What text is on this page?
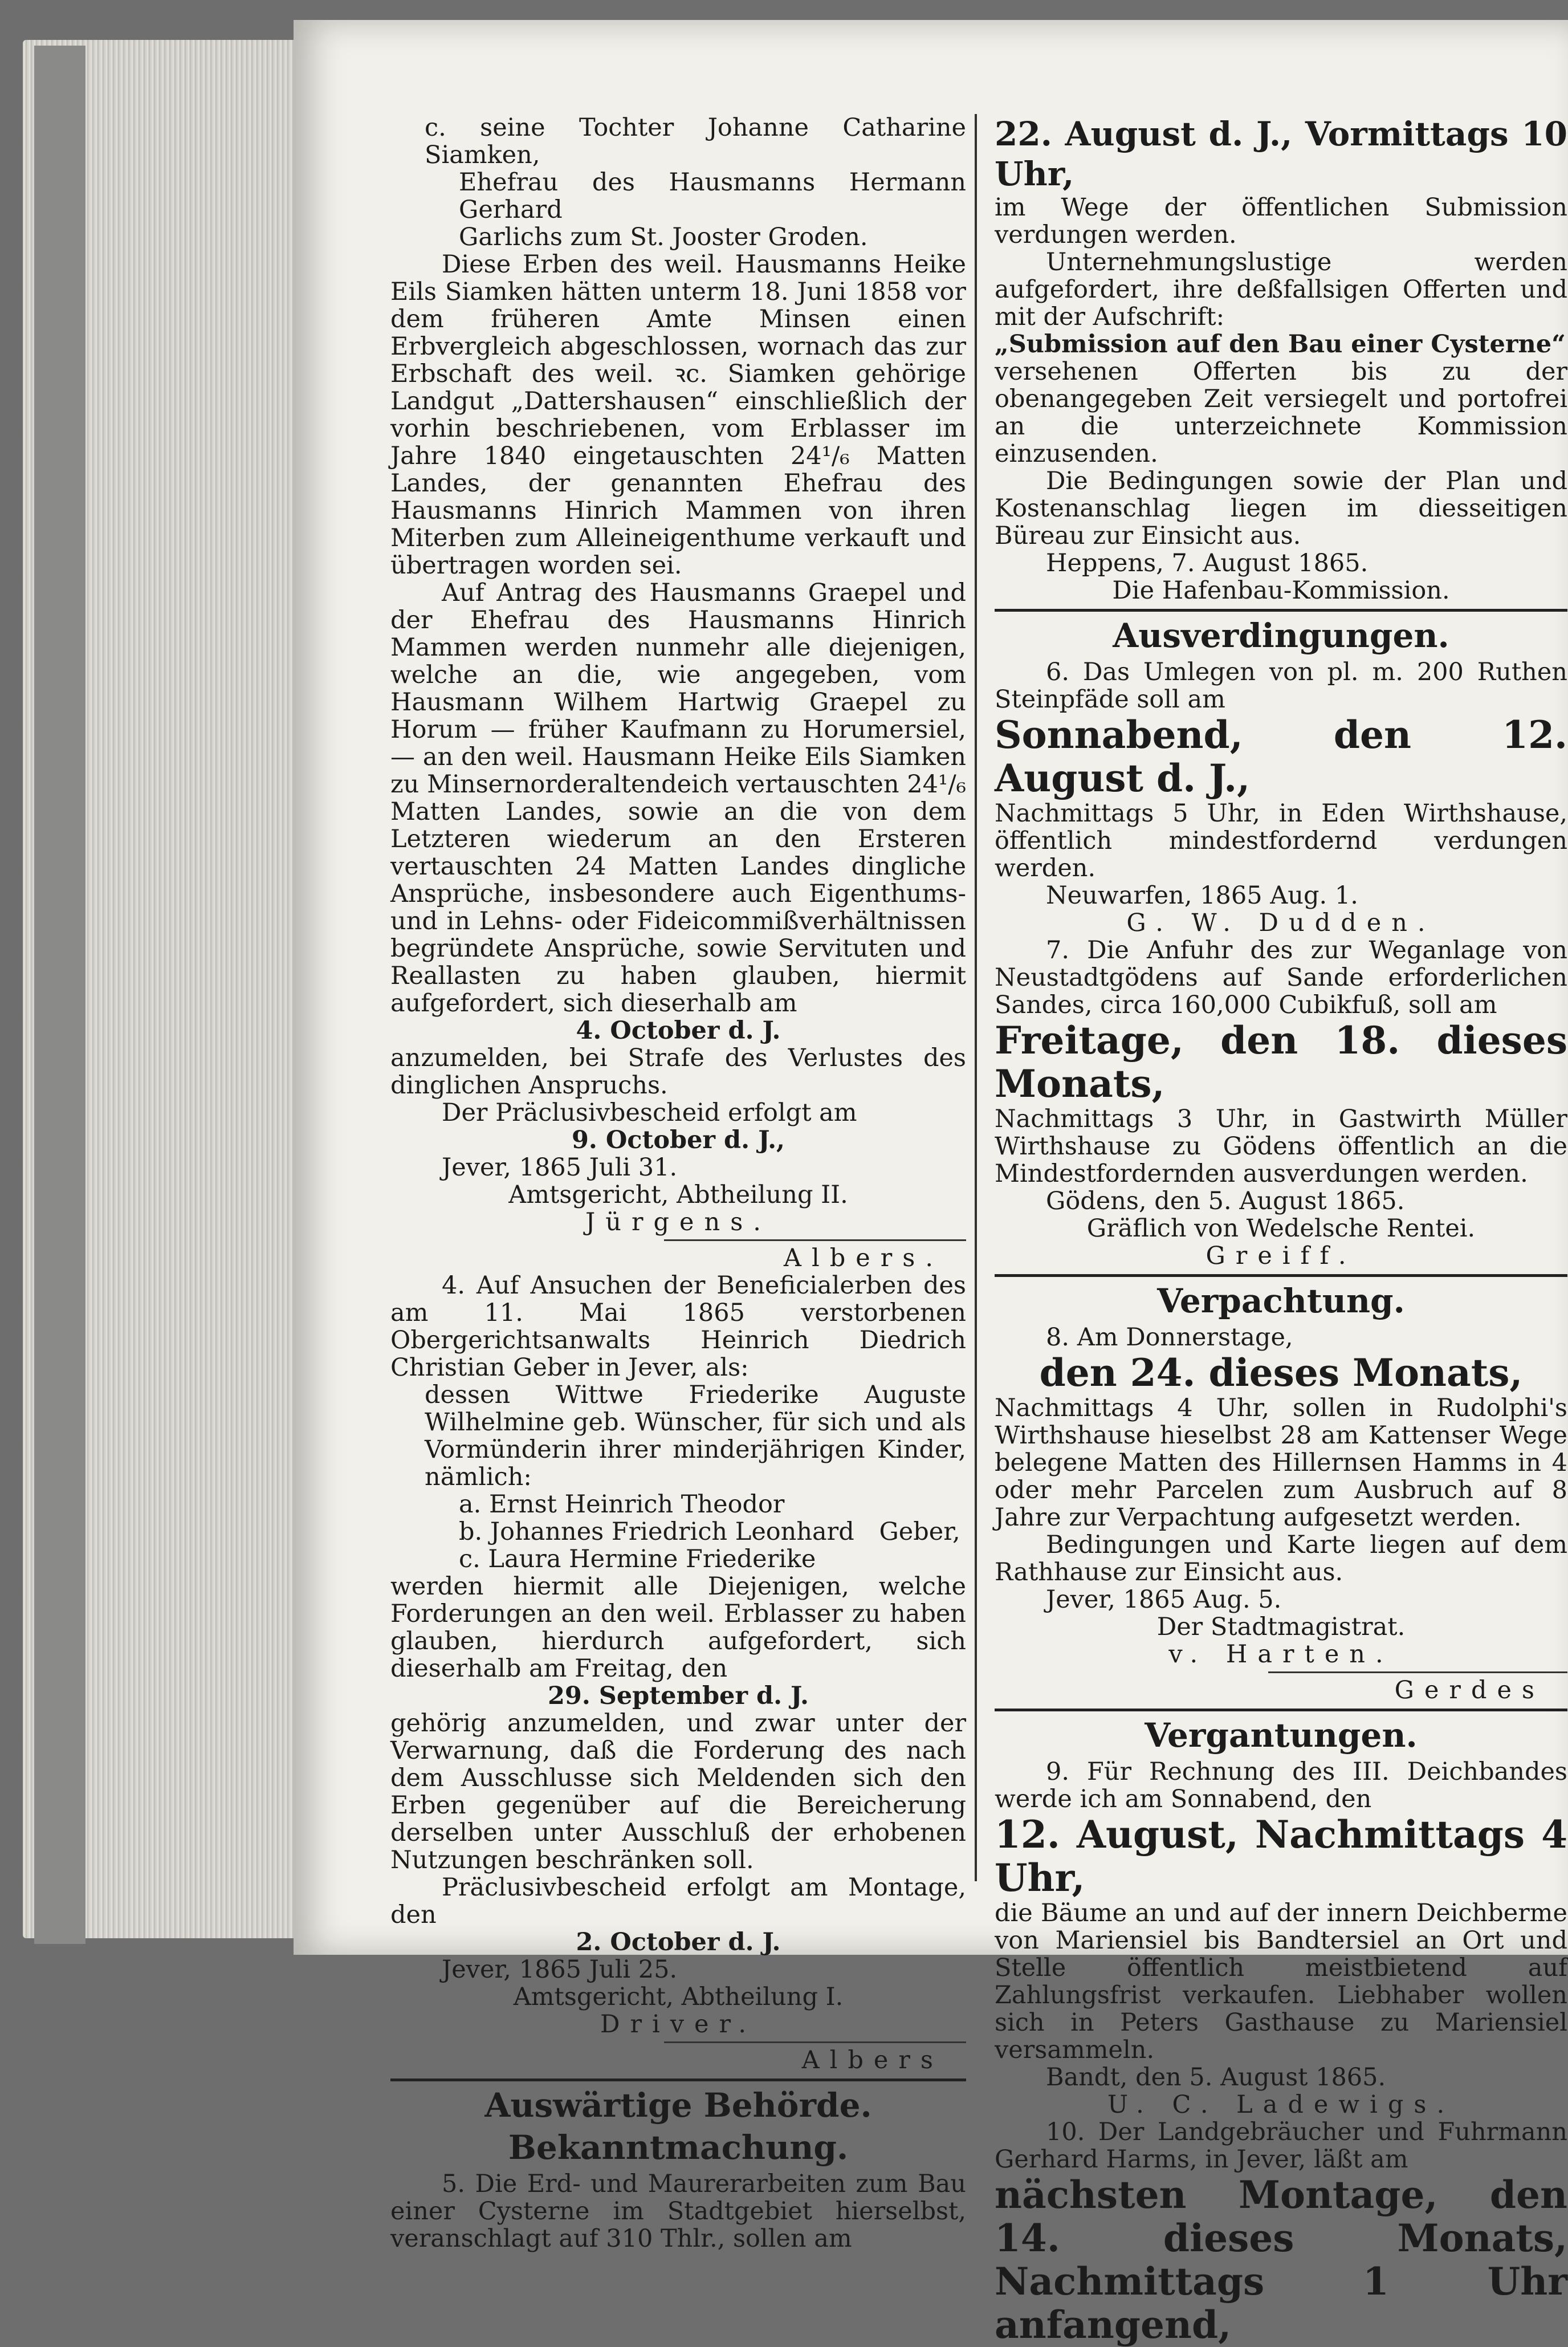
c. seine Tochter Johanne Catharine Siamken,

Ehefrau des Hausmanns Hermann Gerhard

Garlichs zum St. Jooster Groden.

Diese Erben des weil. Hausmanns Heike Eils Siamken hätten unterm 18. Juni 1858 vor dem früheren Amte Minsen einen Erbvergleich abgeschlossen, wornach das zur Erbschaft des weil. ꝛc. Siamken gehörige Landgut „Dattershausen“ einschließlich der vorhin beschriebenen, vom Erblasser im Jahre 1840 eingetauschten 24¹/₆ Matten Landes, der genannten Ehefrau des Hausmanns Hinrich Mammen von ihren Miterben zum Alleineigenthume verkauft und übertragen worden sei.

Auf Antrag des Hausmanns Graepel und der Ehefrau des Hausmanns Hinrich Mammen werden nunmehr alle diejenigen, welche an die, wie angegeben, vom Hausmann Wilhem Hartwig Graepel zu Horum — früher Kaufmann zu Horumersiel, — an den weil. Hausmann Heike Eils Siamken zu Minsernorderaltendeich vertauschten 24¹/₆ Matten Landes, sowie an die von dem Letzteren wiederum an den Ersteren vertauschten 24 Matten Landes dingliche Ansprüche, insbesondere auch Eigenthums- und in Lehns- oder Fideicommißverhältnissen begründete Ansprüche, sowie Servituten und Reallasten zu haben glauben, hiermit aufgefordert, sich dieserhalb am

4. October d. J.

anzumelden, bei Strafe des Verlustes des dinglichen Anspruchs.

Der Präclusivbescheid erfolgt am

9. October d. J.,

Jever, 1865 Juli 31.

Amtsgericht, Abtheilung II.

Jürgens.

Albers.

4. Auf Ansuchen der Beneficialerben des am 11. Mai 1865 verstorbenen Obergerichtsanwalts Heinrich Diedrich Christian Geber in Jever, als:

dessen Wittwe Friederike Auguste Wilhelmine geb. Wünscher, für sich und als Vormünderin ihrer minderjährigen Kinder, nämlich:

a. Ernst Heinrich Theodor

b. Johannes Friedrich Leonhard Geber,

c. Laura Hermine Friederike

werden hiermit alle Diejenigen, welche Forderungen an den weil. Erblasser zu haben glauben, hierdurch aufgefordert, sich dieserhalb am Freitag, den

29. September d. J.

gehörig anzumelden, und zwar unter der Verwarnung, daß die Forderung des nach dem Ausschlusse sich Meldenden sich den Erben gegenüber auf die Bereicherung derselben unter Ausschluß der erhobenen Nutzungen beschränken soll.

Präclusivbescheid erfolgt am Montage, den

2. October d. J.

Jever, 1865 Juli 25.

Amtsgericht, Abtheilung I.

Driver.

Albers

Auswärtige Behörde.

Bekanntmachung.

5. Die Erd- und Maurerarbeiten zum Bau einer Cysterne im Stadtgebiet hierselbst, veranschlagt auf 310 Thlr., sollen am

22. August d. J., Vormittags 10 Uhr,

im Wege der öffentlichen Submission verdungen werden.

Unternehmungslustige werden aufgefordert, ihre deßfallsigen Offerten und mit der Aufschrift:

„Submission auf den Bau einer Cysterne“

versehenen Offerten bis zu der obenangegeben Zeit versiegelt und portofrei an die unterzeichnete Kommission einzusenden.

Die Bedingungen sowie der Plan und Kostenanschlag liegen im diesseitigen Büreau zur Einsicht aus.

Heppens, 7. August 1865.

Die Hafenbau-Kommission.

Ausverdingungen.

6. Das Umlegen von pl. m. 200 Ruthen Steinpfäde soll am

Sonnabend, den 12. August d. J.,

Nachmittags 5 Uhr, in Eden Wirthshause, öffentlich mindestfordernd verdungen werden.

Neuwarfen, 1865 Aug. 1.

G. W. Dudden.

7. Die Anfuhr des zur Weganlage von Neustadtgödens auf Sande erforderlichen Sandes, circa 160,000 Cubikfuß, soll am

Freitage, den 18. dieses Monats,

Nachmittags 3 Uhr, in Gastwirth Müller Wirthshause zu Gödens öffentlich an die Mindestfordernden ausverdungen werden.

Gödens, den 5. August 1865.

Gräflich von Wedelsche Rentei.

Greiff.

Verpachtung.

8. Am Donnerstage,

den 24. dieses Monats,

Nachmittags 4 Uhr, sollen in Rudolphi's Wirthshause hieselbst 28 am Kattenser Wege belegene Matten des Hillernsen Hamms in 4 oder mehr Parcelen zum Ausbruch auf 8 Jahre zur Verpachtung aufgesetzt werden.

Bedingungen und Karte liegen auf dem Rathhause zur Einsicht aus.

Jever, 1865 Aug. 5.

Der Stadtmagistrat.

v. Harten.

Gerdes

Vergantungen.

9. Für Rechnung des III. Deichbandes werde ich am Sonnabend, den

12. August, Nachmittags 4 Uhr,

die Bäume an und auf der innern Deichberme von Mariensiel bis Bandtersiel an Ort und Stelle öffentlich meistbietend auf Zahlungsfrist verkaufen. Liebhaber wollen sich in Peters Gasthause zu Mariensiel versammeln.

Bandt, den 5. August 1865.

U. C. Ladewigs.

10. Der Landgebräucher und Fuhrmann Gerhard Harms, in Jever, läßt am

nächsten Montage, den 14. dieses Monats, Nachmittags 1 Uhr anfangend,
